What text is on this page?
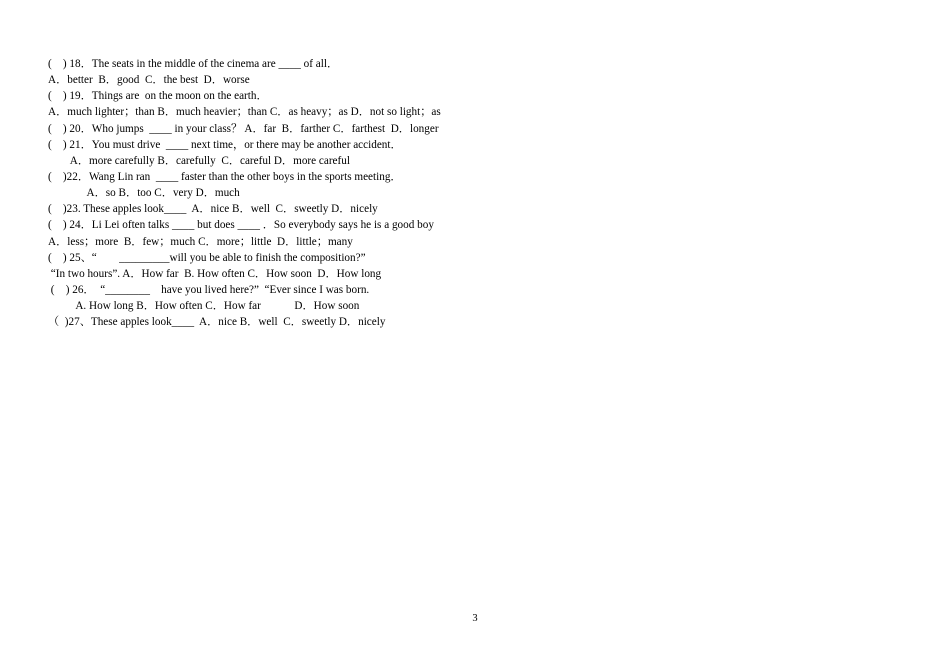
(    ) 18．The seats in the middle of the cinema are ____ of all．
A．better  B．good  C．the best  D．worse
(    ) 19．Things are  on the moon on the earth．
A．much lighter；than B．much heavier；than C．as heavy；as D．not so light；as
(    ) 20．Who jumps  ____ in your class？ A．far  B．farther C．farthest  D．longer
(    ) 21．You must drive  ____ next time，or there may be another accident．
A．more carefully B．carefully  C．careful D．more careful
(    )22．Wang Lin ran  ____ faster than the other boys in the sports meeting．
A．so B．too C．very D．much
(    )23. These apples look____  A．nice B．well  C．sweetly D．nicely
(    ) 24．Li Lei often talks ____ but does ____ ．So everybody says he is a good boy
A．less；more  B．few；much C．more；little  D．little；many
(    ) 25、“        _________will you be able to finish the composition?”
“In two hours”. A．How far  B. How often C．How soon  D．How long
(    ) 26．  “________    have you lived here?”  “Ever since I was born.
A. How long B．How often C．How far            D．How soon
（  )27、These apples look____  A．nice B．well  C．sweetly D．nicely
3
